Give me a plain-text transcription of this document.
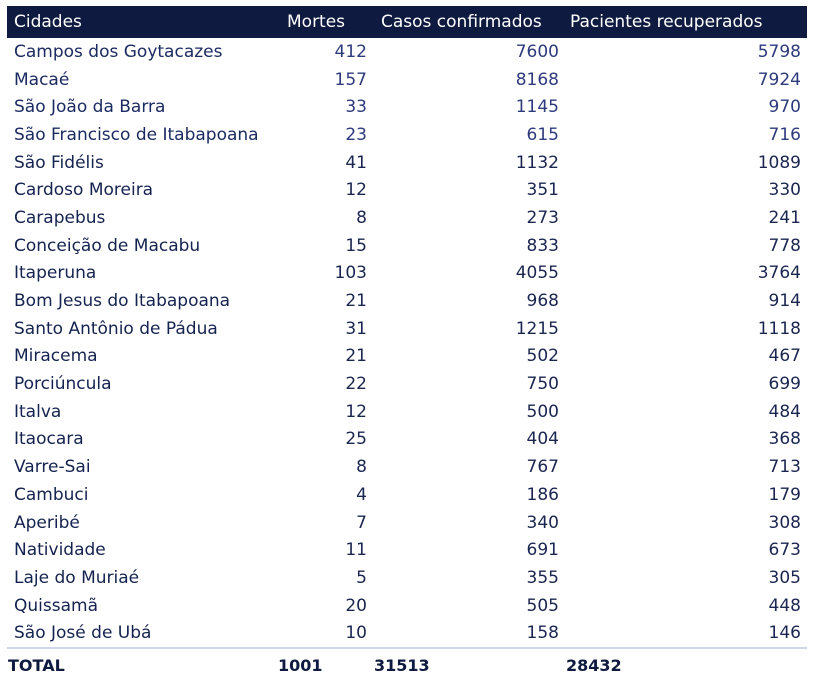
Cidades	Mortes	Casos confirmados	Pacientes recuperados
Campos dos Goytacazes	412	7600	5798
Macaé	157	8168	7924
São João da Barra	33	1145	970
São Francisco de Itabapoana	23	615	716
São Fidélis	41	1132	1089
Cardoso Moreira	12	351	330
Carapebus	8	273	241
Conceição de Macabu	15	833	778
Itaperuna	103	4055	3764
Bom Jesus do Itabapoana	21	968	914
Santo Antônio de Pádua	31	1215	1118
Miracema	21	502	467
Porciúncula	22	750	699
Italva	12	500	484
Itaocara	25	404	368
Varre-Sai	8	767	713
Cambuci	4	186	179
Aperibé	7	340	308
Natividade	11	691	673
Laje do Muriaé	5	355	305
Quissamã	20	505	448
São José de Ubá	10	158	146
TOTAL	1001	31513	28432
